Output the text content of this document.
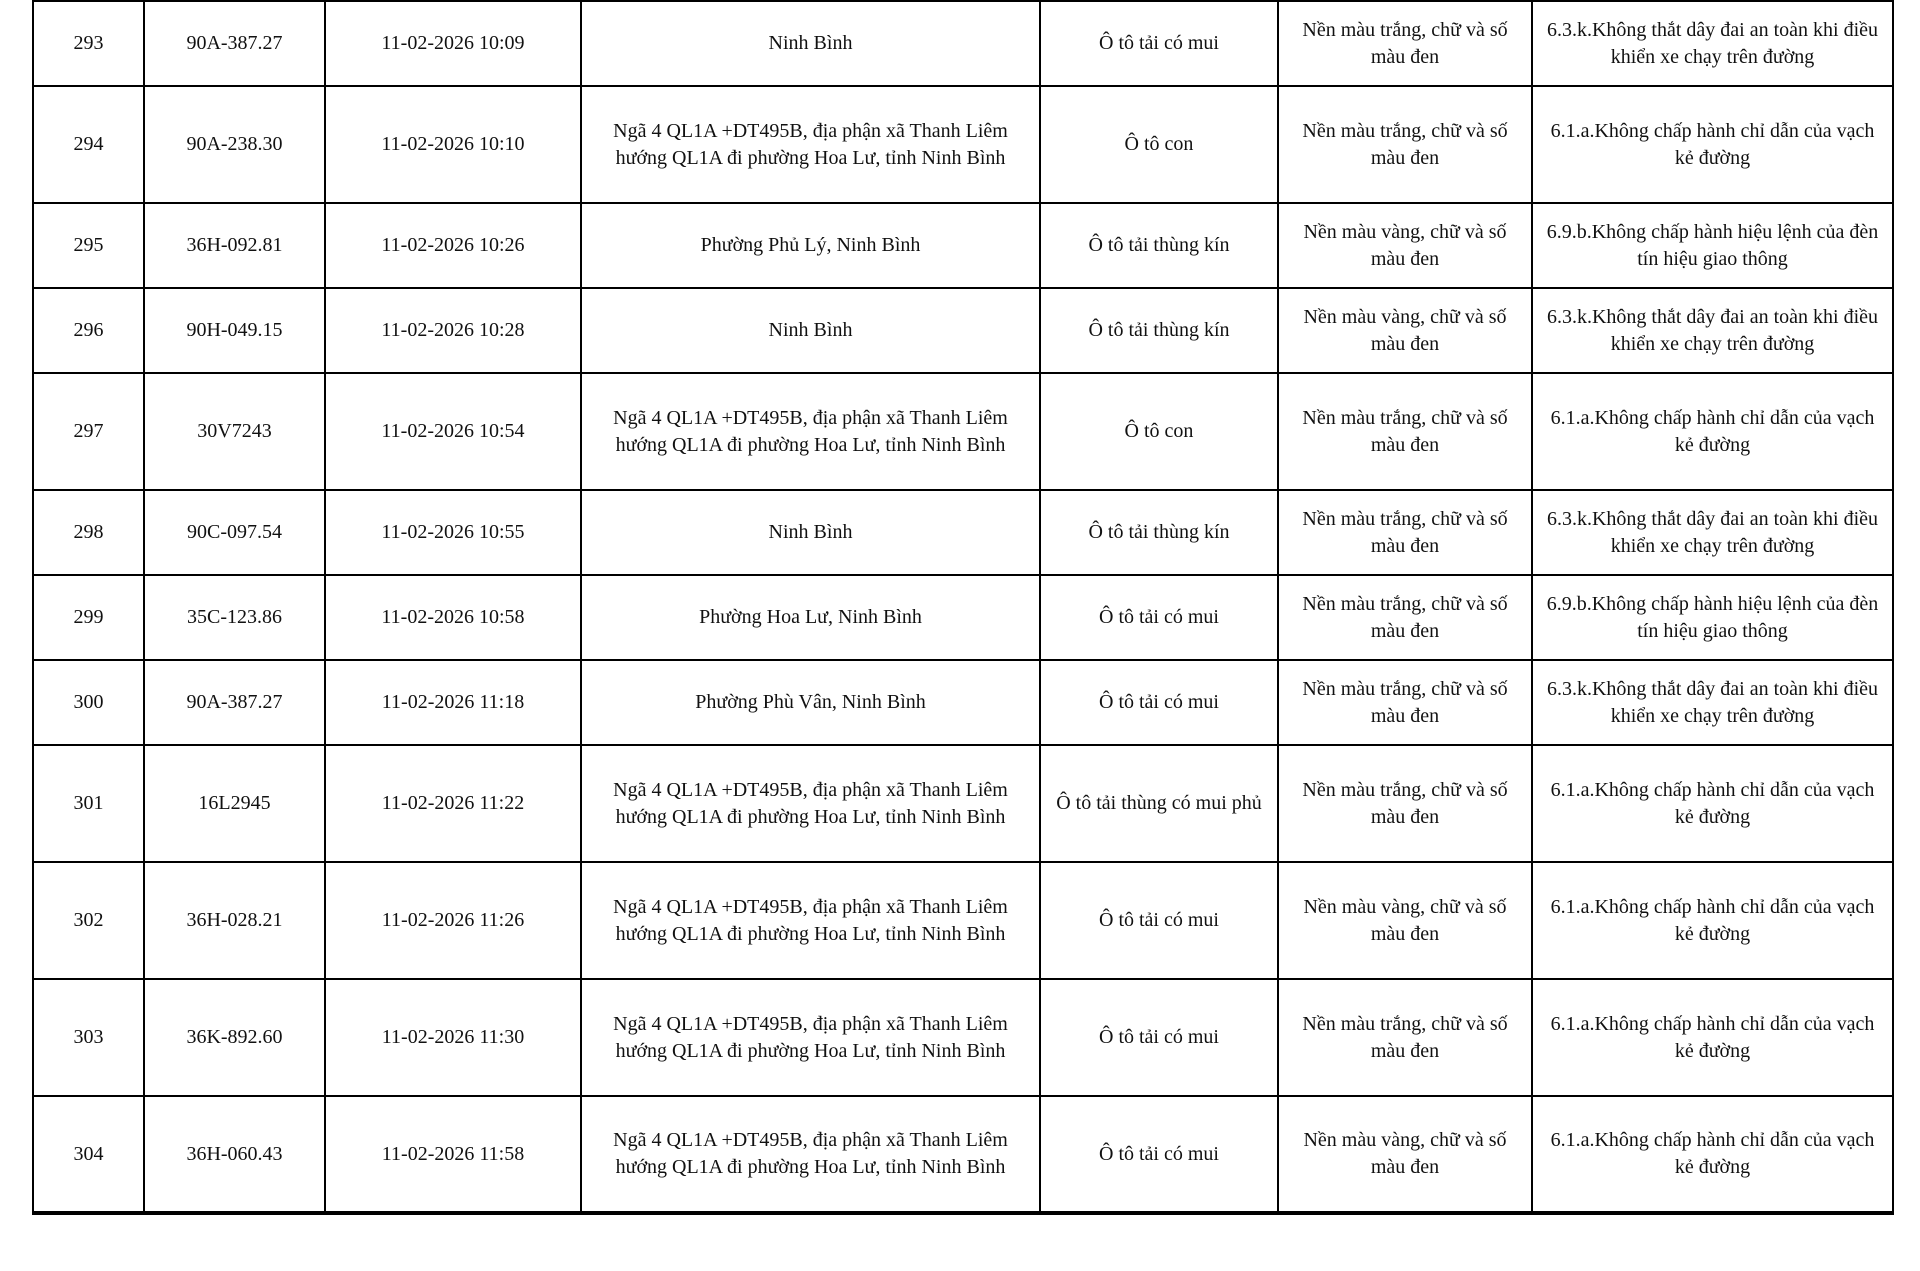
293	90A-387.27	11-02-2026 10:09	Ninh Bình	Ô tô tải có mui	Nền màu trắng, chữ và số màu đen	6.3.k.Không thắt dây đai an toàn khi điều khiển xe chạy trên đường
294	90A-238.30	11-02-2026 10:10	Ngã 4 QL1A +DT495B, địa phận xã Thanh Liêm hướng QL1A đi phường Hoa Lư, tỉnh Ninh Bình	Ô tô con	Nền màu trắng, chữ và số màu đen	6.1.a.Không chấp hành chỉ dẫn của vạch kẻ đường
295	36H-092.81	11-02-2026 10:26	Phường Phủ Lý, Ninh Bình	Ô tô tải thùng kín	Nền màu vàng, chữ và số màu đen	6.9.b.Không chấp hành hiệu lệnh của đèn tín hiệu giao thông
296	90H-049.15	11-02-2026 10:28	Ninh Bình	Ô tô tải thùng kín	Nền màu vàng, chữ và số màu đen	6.3.k.Không thắt dây đai an toàn khi điều khiển xe chạy trên đường
297	30V7243	11-02-2026 10:54	Ngã 4 QL1A +DT495B, địa phận xã Thanh Liêm hướng QL1A đi phường Hoa Lư, tỉnh Ninh Bình	Ô tô con	Nền màu trắng, chữ và số màu đen	6.1.a.Không chấp hành chỉ dẫn của vạch kẻ đường
298	90C-097.54	11-02-2026 10:55	Ninh Bình	Ô tô tải thùng kín	Nền màu trắng, chữ và số màu đen	6.3.k.Không thắt dây đai an toàn khi điều khiển xe chạy trên đường
299	35C-123.86	11-02-2026 10:58	Phường Hoa Lư, Ninh Bình	Ô tô tải có mui	Nền màu trắng, chữ và số màu đen	6.9.b.Không chấp hành hiệu lệnh của đèn tín hiệu giao thông
300	90A-387.27	11-02-2026 11:18	Phường Phù Vân, Ninh Bình	Ô tô tải có mui	Nền màu trắng, chữ và số màu đen	6.3.k.Không thắt dây đai an toàn khi điều khiển xe chạy trên đường
301	16L2945	11-02-2026 11:22	Ngã 4 QL1A +DT495B, địa phận xã Thanh Liêm hướng QL1A đi phường Hoa Lư, tỉnh Ninh Bình	Ô tô tải thùng có mui phủ	Nền màu trắng, chữ và số màu đen	6.1.a.Không chấp hành chỉ dẫn của vạch kẻ đường
302	36H-028.21	11-02-2026 11:26	Ngã 4 QL1A +DT495B, địa phận xã Thanh Liêm hướng QL1A đi phường Hoa Lư, tỉnh Ninh Bình	Ô tô tải có mui	Nền màu vàng, chữ và số màu đen	6.1.a.Không chấp hành chỉ dẫn của vạch kẻ đường
303	36K-892.60	11-02-2026 11:30	Ngã 4 QL1A +DT495B, địa phận xã Thanh Liêm hướng QL1A đi phường Hoa Lư, tỉnh Ninh Bình	Ô tô tải có mui	Nền màu trắng, chữ và số màu đen	6.1.a.Không chấp hành chỉ dẫn của vạch kẻ đường
304	36H-060.43	11-02-2026 11:58	Ngã 4 QL1A +DT495B, địa phận xã Thanh Liêm hướng QL1A đi phường Hoa Lư, tỉnh Ninh Bình	Ô tô tải có mui	Nền màu vàng, chữ và số màu đen	6.1.a.Không chấp hành chỉ dẫn của vạch kẻ đường
